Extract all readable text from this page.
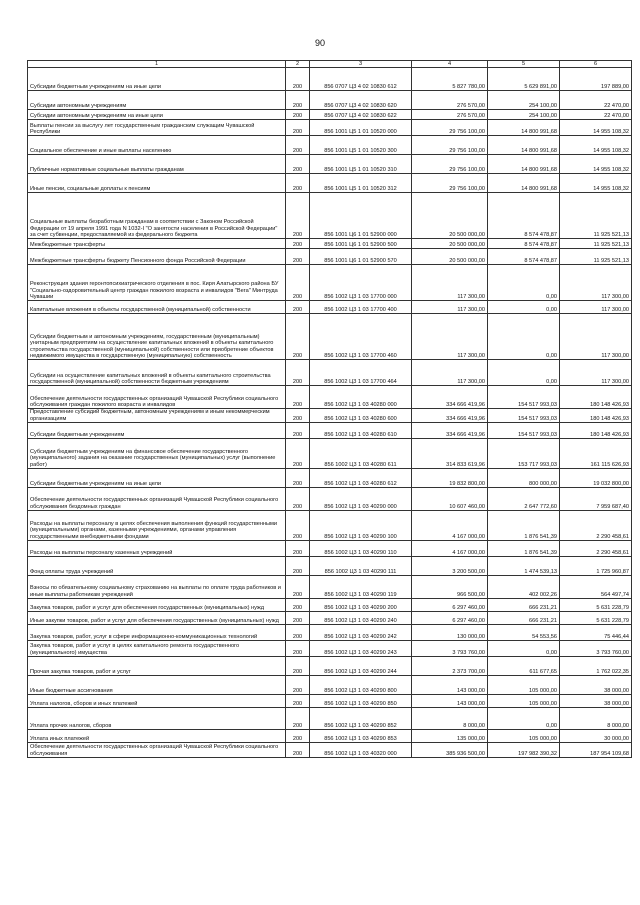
90
1	2	3	4	5	6
Субсидии бюджетным учреждениям на иные цели	200	856 0707 Ц3 4 02 10830 612	5 827 780,00	5 629 891,00	197 889,00
Субсидии автономным учреждениям	200	856 0707 Ц3 4 02 10830 620	276 570,00	254 100,00	22 470,00
Субсидии автономным учреждениям на иные цели	200	856 0707 Ц3 4 02 10830 622	276 570,00	254 100,00	22 470,00
Выплаты пенсии за выслугу лет государственным гражданским служащим Чувашской Республики	200	856 1001 Ц5 1 01 10520 000	29 756 100,00	14 800 991,68	14 955 108,32
Социальное обеспечение и иные выплаты населению	200	856 1001 Ц5 1 01 10520 300	29 756 100,00	14 800 991,68	14 955 108,32
Публичные нормативные социальные выплаты гражданам	200	856 1001 Ц5 1 01 10520 310	29 756 100,00	14 800 991,68	14 955 108,32
Иные пенсии, социальные доплаты к пенсиям	200	856 1001 Ц5 1 01 10520 312	29 756 100,00	14 800 991,68	14 955 108,32
Социальные выплаты безработным гражданам в соответствии с Законом Российской Федерации от 19 апреля 1991 года N 1032-I "О занятости населения в Российской Федерации" за счет субвенции, предоставляемой из федерального бюджета	200	856 1001 Ц6 1 01 52900 000	20 500 000,00	8 574 478,87	11 925 521,13
Межбюджетные трансферты	200	856 1001 Ц6 1 01 52900 500	20 500 000,00	8 574 478,87	11 925 521,13
Межбюджетные трансферты бюджету Пенсионного фонда Российской Федерации	200	856 1001 Ц6 1 01 52900 570	20 500 000,00	8 574 478,87	11 925 521,13
Реконструкция здания геронтопсихиатрического отделения в пос. Киря Алатырского района БУ "Социально-оздоровительный центр граждан пожилого возраста и инвалидов "Вега" Минтруда Чувашии	200	856 1002 Ц3 1 03 17700 000	117 300,00	0,00	117 300,00
Капитальные вложения в объекты государственной (муниципальной) собственности	200	856 1002 Ц3 1 03 17700 400	117 300,00	0,00	117 300,00
Субсидии бюджетным и автономным учреждениям, государственным (муниципальным) унитарным предприятиям на осуществление капитальных вложений в объекты капитального строительства государственной (муниципальной) собственности или приобретение объектов недвижимого имущества в государственную (муниципальную) собственность	200	856 1002 Ц3 1 03 17700 460	117 300,00	0,00	117 300,00
Субсидии на осуществление капитальных вложений в объекты капитального строительства государственной (муниципальной) собственности бюджетным учреждениям	200	856 1002 Ц3 1 03 17700 464	117 300,00	0,00	117 300,00
Обеспечение деятельности государственных организаций Чувашской Республики социального обслуживания граждан пожилого возраста и инвалидов	200	856 1002 Ц3 1 03 40280 000	334 666 419,96	154 517 993,03	180 148 426,93
Предоставление субсидий бюджетным, автономным учреждениям и иным некоммерческим организациям	200	856 1002 Ц3 1 03 40280 600	334 666 419,96	154 517 993,03	180 148 426,93
Субсидии бюджетным учреждениям	200	856 1002 Ц3 1 03 40280 610	334 666 419,96	154 517 993,03	180 148 426,93
Субсидии бюджетным учреждениям на финансовое обеспечение государственного (муниципального) задания на оказание государственных (муниципальных) услуг (выполнение работ)	200	856 1002 Ц3 1 03 40280 611	314 833 619,96	153 717 993,03	161 115 626,93
Субсидии бюджетным учреждениям на иные цели	200	856 1002 Ц3 1 03 40280 612	19 832 800,00	800 000,00	19 032 800,00
Обеспечение деятельности государственных организаций Чувашской Республики социального обслуживания бездомных граждан	200	856 1002 Ц3 1 03 40290 000	10 607 460,00	2 647 772,60	7 959 687,40
Расходы на выплаты персоналу в целях обеспечения выполнения функций государственными (муниципальными) органами, казенными учреждениями, органами управления государственными внебюджетными фондами	200	856 1002 Ц3 1 03 40290 100	4 167 000,00	1 876 541,39	2 290 458,61
Расходы на выплаты персоналу казенных учреждений	200	856 1002 Ц3 1 03 40290 110	4 167 000,00	1 876 541,39	2 290 458,61
Фонд оплаты труда учреждений	200	856 1002 Ц3 1 03 40290 111	3 200 500,00	1 474 539,13	1 725 960,87
Взносы по обязательному социальному страхованию на выплаты по оплате труда работников и иные выплаты работникам учреждений	200	856 1002 Ц3 1 03 40290 119	966 500,00	402 002,26	564 497,74
Закупка товаров, работ и услуг для обеспечения государственных (муниципальных) нужд	200	856 1002 Ц3 1 03 40290 200	6 297 460,00	666 231,21	5 631 228,79
Иные закупки товаров, работ и услуг для обеспечения государственных (муниципальных) нужд	200	856 1002 Ц3 1 03 40290 240	6 297 460,00	666 231,21	5 631 228,79
Закупка товаров, работ, услуг в сфере информационно-коммуникационных технологий	200	856 1002 Ц3 1 03 40290 242	130 000,00	54 553,56	75 446,44
Закупка товаров, работ и услуг в целях капитального ремонта государственного (муниципального) имущества	200	856 1002 Ц3 1 03 40290 243	3 793 760,00	0,00	3 793 760,00
Прочая закупка товаров, работ и услуг	200	856 1002 Ц3 1 03 40290 244	2 373 700,00	611 677,65	1 762 022,35
Иные бюджетные ассигнования	200	856 1002 Ц3 1 03 40290 800	143 000,00	105 000,00	38 000,00
Уплата налогов, сборов и иных платежей	200	856 1002 Ц3 1 03 40290 850	143 000,00	105 000,00	38 000,00
Уплата прочих налогов, сборов	200	856 1002 Ц3 1 03 40290 852	8 000,00	0,00	8 000,00
Уплата иных платежей	200	856 1002 Ц3 1 03 40290 853	135 000,00	105 000,00	30 000,00
Обеспечение деятельности государственных организаций Чувашской Республики социального обслуживания	200	856 1002 Ц3 1 03 40320 000	385 936 500,00	197 982 390,32	187 954 109,68
